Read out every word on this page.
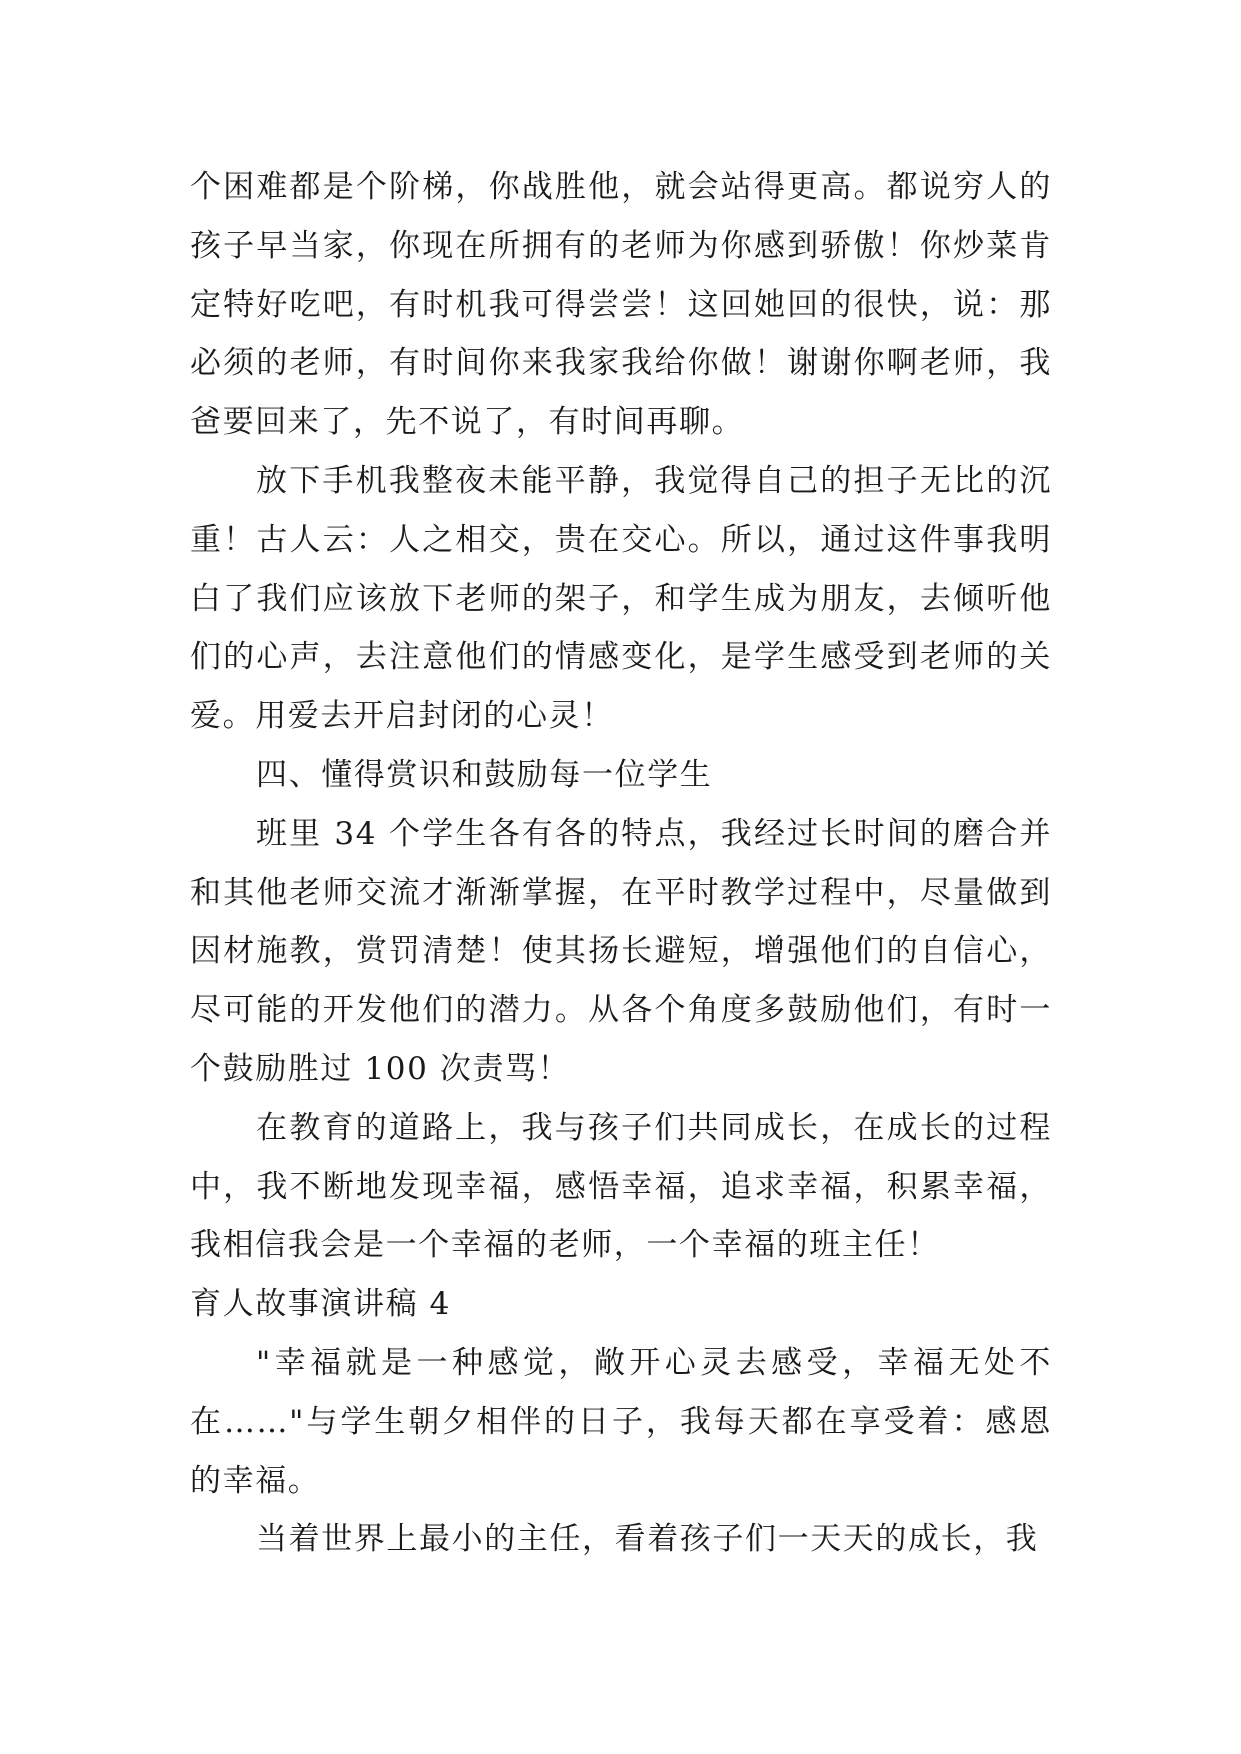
个困难都是个阶梯，你战胜他，就会站得更高。都说穷人的孩子早当家，你现在所拥有的老师为你感到骄傲！你炒菜肯定特好吃吧，有时机我可得尝尝！这回她回的很快，说：那必须的老师，有时间你来我家我给你做！谢谢你啊老师，我爸要回来了，先不说了，有时间再聊。

放下手机我整夜未能平静，我觉得自己的担子无比的沉重！古人云：人之相交，贵在交心。所以，通过这件事我明白了我们应该放下老师的架子，和学生成为朋友，去倾听他们的心声，去注意他们的情感变化，是学生感受到老师的关爱。用爱去开启封闭的心灵！

四、懂得赏识和鼓励每一位学生

班里 34 个学生各有各的特点，我经过长时间的磨合并和其他老师交流才渐渐掌握，在平时教学过程中，尽量做到因材施教，赏罚清楚！使其扬长避短，增强他们的自信心，尽可能的开发他们的潜力。从各个角度多鼓励他们，有时一个鼓励胜过 100 次责骂！

在教育的道路上，我与孩子们共同成长，在成长的过程中，我不断地发现幸福，感悟幸福，追求幸福，积累幸福，我相信我会是一个幸福的老师，一个幸福的班主任！

育人故事演讲稿 4

"幸福就是一种感觉，敞开心灵去感受，幸福无处不在……"与学生朝夕相伴的日子，我每天都在享受着：感恩的幸福。

当着世界上最小的主任，看着孩子们一天天的成长，我
